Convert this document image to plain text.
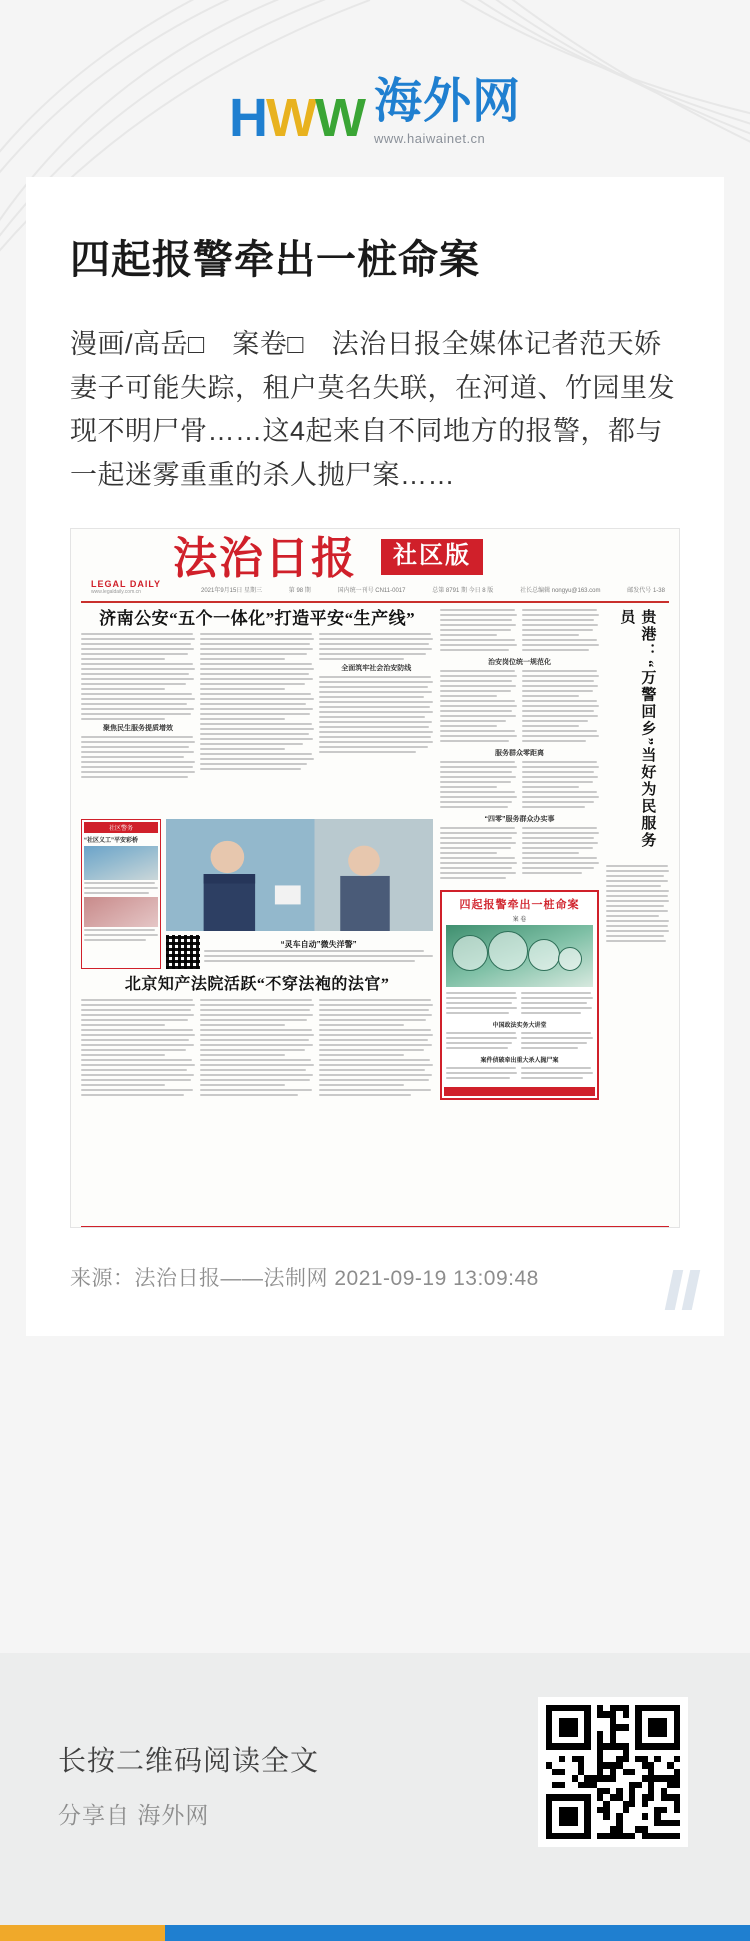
HWW 海外网
www.haiwainet.cn
四起报警牵出一桩命案

漫画/高岳□　案卷□　法治日报全媒体记者范天娇妻子可能失踪，租户莫名失联，在河道、竹园里发现不明尸骨……这4起来自不同地方的报警，都与一起迷雾重重的杀人抛尸案……

法治日报	社区版
LEGAL DAILY
www.legaldaily.com.cn	2021年9月15日 星期三	第 98 期	国内统一刊号 CN11-0017	总第 8791 期 今日 8 版	社长总编辑 nongyu@163.com	邮发代号 1-38
济南公安“五个一体化”打造平安“生产线”
聚焦民生服务提质增效
全面筑牢社会治安防线
社区警务
“社区义工”平安彩桥
“灵车自动”微失洋警”
北京知产法院活跃“不穿法袍的法官”
治安岗位统一规范化
服务群众零距离
“四零”服务群众办实事
四起报警牵出一桩命案
案 卷
中国政法实务大讲堂
案件侦破牵出重大杀人抛尸案
贵港：“万警回乡”当好为民服务员
来源：法治日报——法制网 2021-09-19 13:09:48
长按二维码阅读全文
分享自 海外网
